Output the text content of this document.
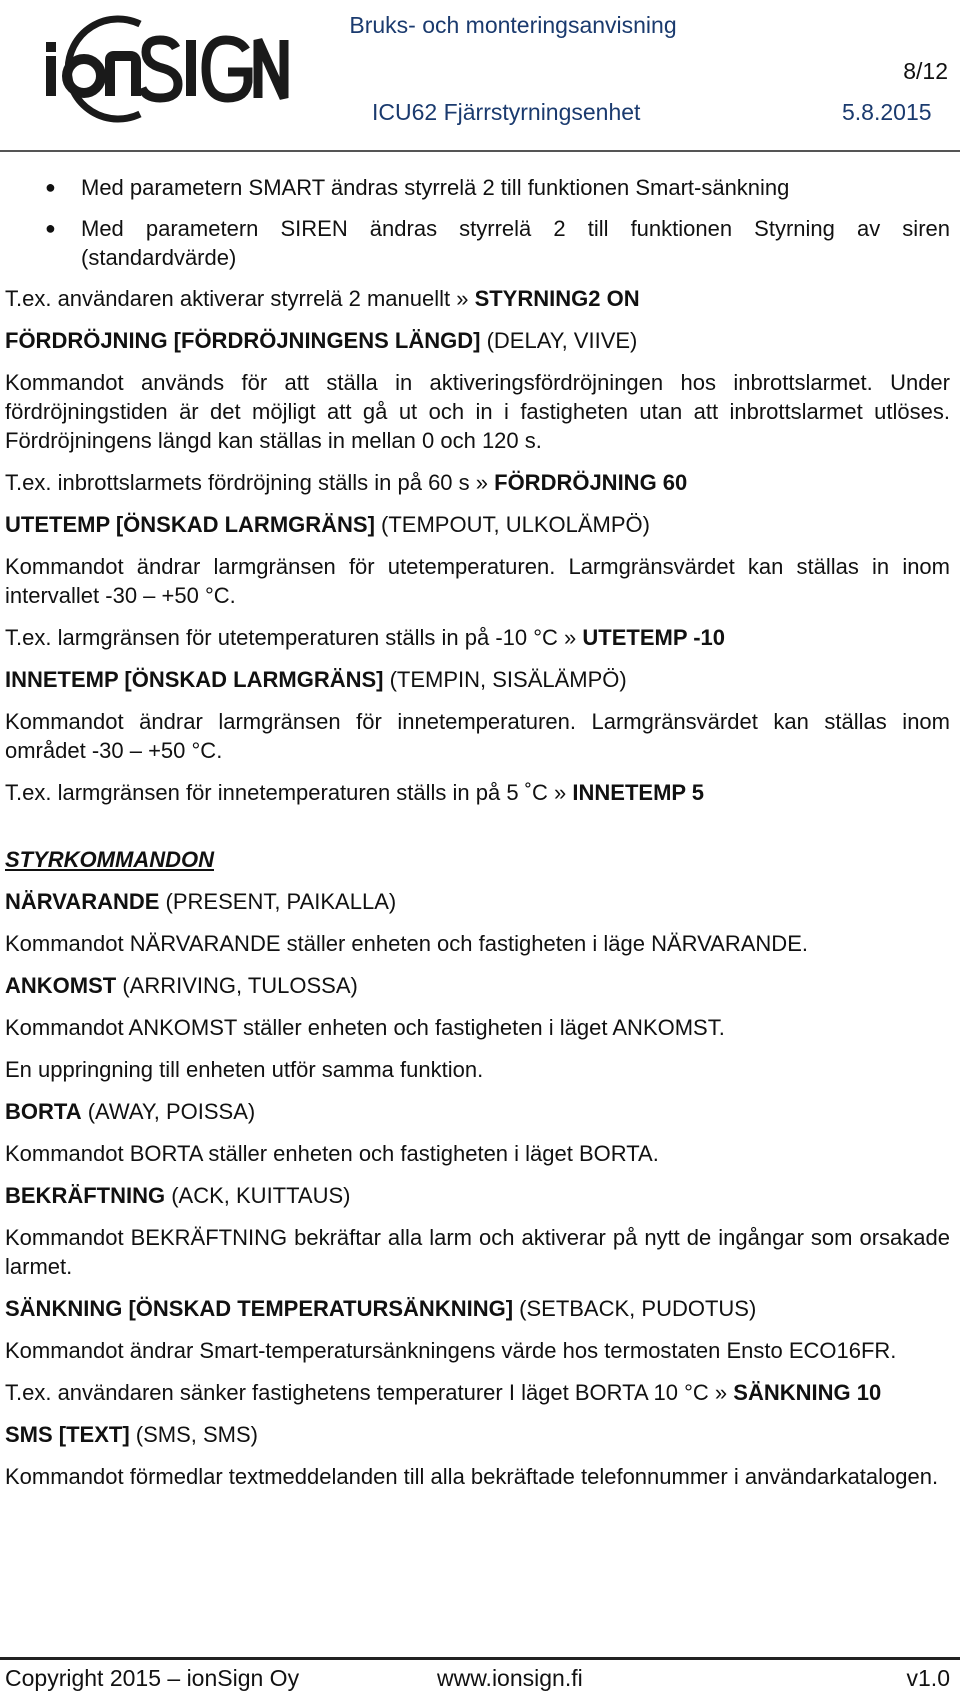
Bruks- och monteringsanvisning
8/12
ICU62 Fjärrstyrningsenhet	5.8.2015
● Med parametern SMART ändras styrrelä 2 till funktionen Smart-sänkning
● Med parametern SIREN ändras styrrelä 2 till funktionen Styrning av siren (standardvärde)

T.ex. användaren aktiverar styrrelä 2 manuellt » STYRNING2 ON

FÖRDRÖJNING [FÖRDRÖJNINGENS LÄNGD] (DELAY, VIIVE)

Kommandot används för att ställa in aktiveringsfördröjningen hos inbrottslarmet. Under fördröjningstiden är det möjligt att gå ut och in i fastigheten utan att inbrottslarmet utlöses. Fördröjningens längd kan ställas in mellan 0 och 120 s.

T.ex. inbrottslarmets fördröjning ställs in på 60 s » FÖRDRÖJNING 60

UTETEMP [ÖNSKAD LARMGRÄNS] (TEMPOUT, ULKOLÄMPÖ)

Kommandot ändrar larmgränsen för utetemperaturen. Larmgränsvärdet kan ställas in inom intervallet -30 – +50 °C.

T.ex. larmgränsen för utetemperaturen ställs in på -10 °C » UTETEMP -10

INNETEMP [ÖNSKAD LARMGRÄNS] (TEMPIN, SISÄLÄMPÖ)

Kommandot ändrar larmgränsen för innetemperaturen. Larmgränsvärdet kan ställas inom området -30 – +50 °C.

T.ex. larmgränsen för innetemperaturen ställs in på 5 ˚C » INNETEMP 5

STYRKOMMANDON

NÄRVARANDE (PRESENT, PAIKALLA)

Kommandot NÄRVARANDE ställer enheten och fastigheten i läge NÄRVARANDE.

ANKOMST (ARRIVING, TULOSSA)

Kommandot ANKOMST ställer enheten och fastigheten i läget ANKOMST.

En uppringning till enheten utför samma funktion.

BORTA (AWAY, POISSA)

Kommandot BORTA ställer enheten och fastigheten i läget BORTA.

BEKRÄFTNING (ACK, KUITTAUS)

Kommandot BEKRÄFTNING bekräftar alla larm och aktiverar på nytt de ingångar som orsakade larmet.

SÄNKNING [ÖNSKAD TEMPERATURSÄNKNING] (SETBACK, PUDOTUS)

Kommandot ändrar Smart-temperatursänkningens värde hos termostaten Ensto ECO16FR.

T.ex. användaren sänker fastighetens temperaturer I läget BORTA 10 °C » SÄNKNING 10

SMS [TEXT] (SMS, SMS)

Kommandot förmedlar textmeddelanden till alla bekräftade telefonnummer i användarkatalogen.

Copyright 2015 – ionSign Oy	www.ionsign.fi	v1.0
